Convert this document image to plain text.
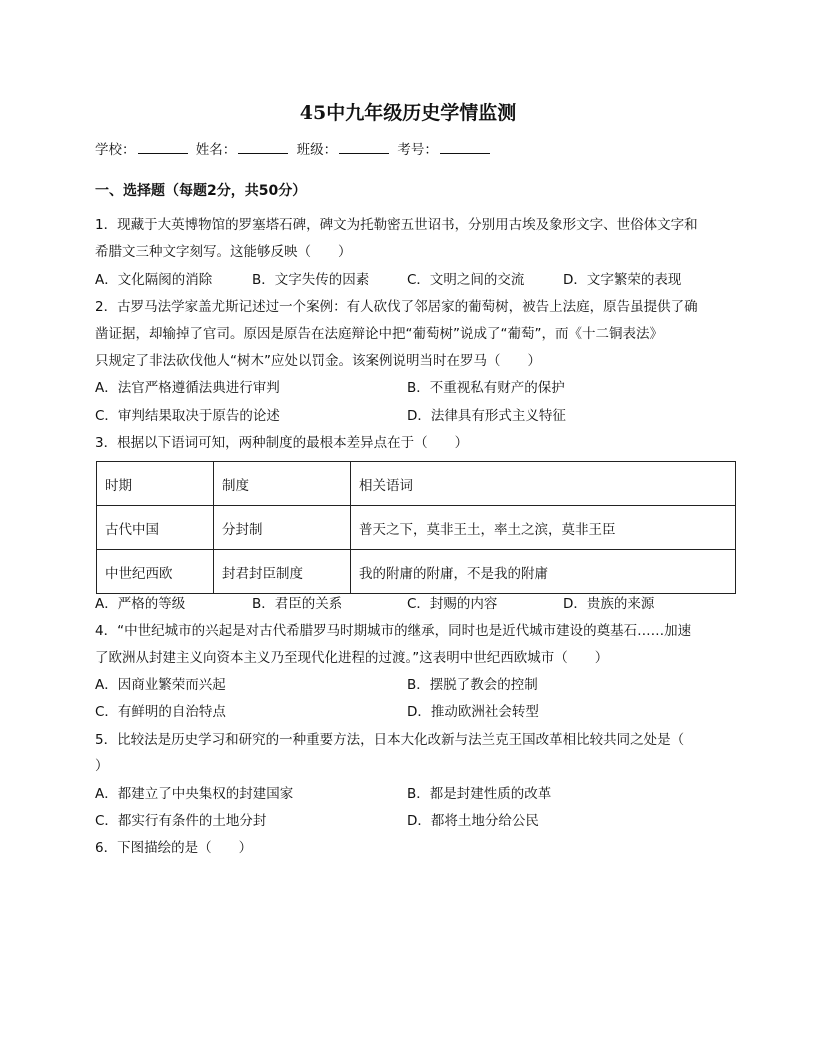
45中九年级历史学情监测
学校：	姓名：	班级：	考号：
一、选择题（每题2分，共50分）
1．现藏于大英博物馆的罗塞塔石碑，碑文为托勒密五世诏书，分别用古埃及象形文字、世俗体文字和
希腊文三种文字刻写。这能够反映（　　）
A．文化隔阂的消除	B．文字失传的因素	C．文明之间的交流	D．文字繁荣的表现
2．古罗马法学家盖尤斯记述过一个案例：有人砍伐了邻居家的葡萄树，被告上法庭，原告虽提供了确
凿证据，却输掉了官司。原因是原告在法庭辩论中把“葡萄树”说成了“葡萄”，而《十二铜表法》
只规定了非法砍伐他人“树木”应处以罚金。该案例说明当时在罗马（　　）
A．法官严格遵循法典进行审判	B．不重视私有财产的保护
C．审判结果取决于原告的论述	D．法律具有形式主义特征
3．根据以下语词可知，两种制度的最根本差异点在于（　　）
时期	制度	相关语词
古代中国	分封制	普天之下，莫非王土，率土之滨，莫非王臣
中世纪西欧	封君封臣制度	我的附庸的附庸，不是我的附庸
A．严格的等级	B．君臣的关系	C．封赐的内容	D．贵族的来源
4．“中世纪城市的兴起是对古代希腊罗马时期城市的继承，同时也是近代城市建设的奠基石……加速
了欧洲从封建主义向资本主义乃至现代化进程的过渡。”这表明中世纪西欧城市（　　）
A．因商业繁荣而兴起	B．摆脱了教会的控制
C．有鲜明的自治特点	D．推动欧洲社会转型
5．比较法是历史学习和研究的一种重要方法，日本大化改新与法兰克王国改革相比较共同之处是（
）
A．都建立了中央集权的封建国家	B．都是封建性质的改革
C．都实行有条件的土地分封	D．都将土地分给公民
6．下图描绘的是（　　）
